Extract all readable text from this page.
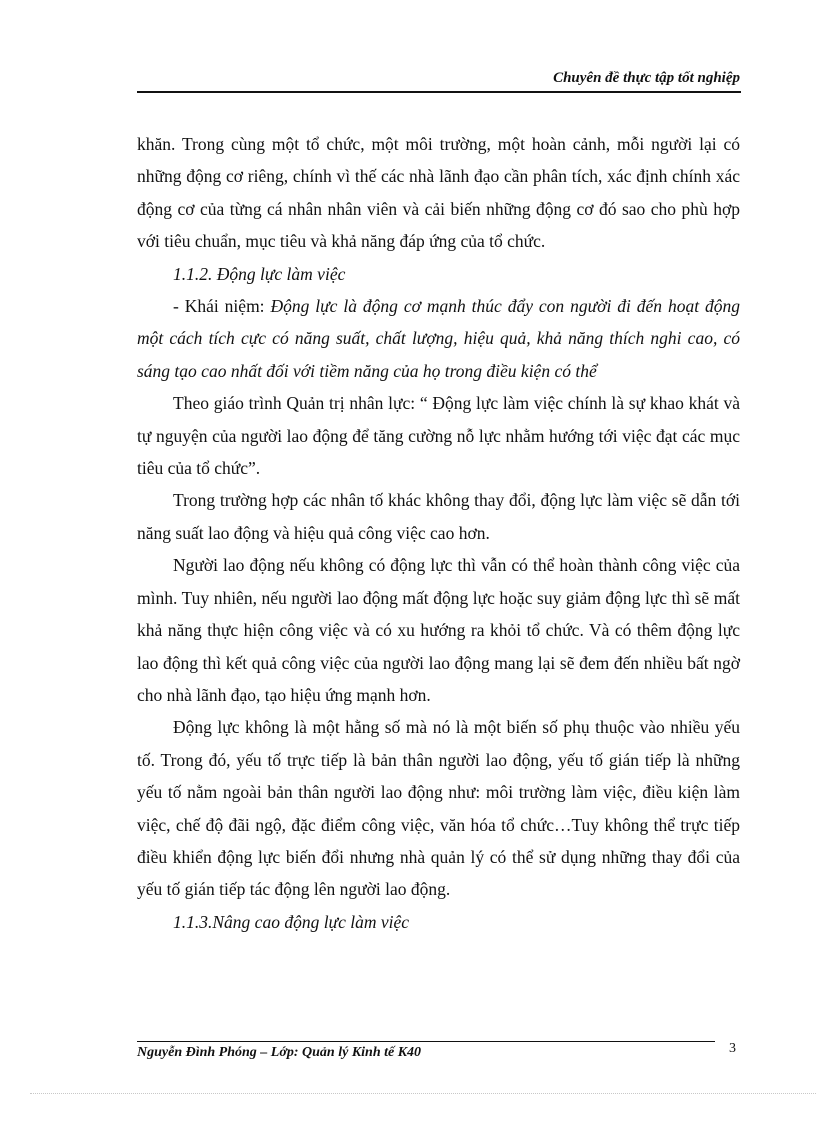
Chuyên đề thực tập tốt nghiệp

khăn. Trong cùng một tổ chức, một môi trường, một hoàn cảnh, mỗi người lại có những động cơ riêng, chính vì thế các nhà lãnh đạo cần phân tích, xác định chính xác động cơ của từng cá nhân nhân viên và cải biến những động cơ đó sao cho phù hợp với tiêu chuẩn, mục tiêu và khả năng đáp ứng của tổ chức.

1.1.2. Động lực làm việc

- Khái niệm: Động lực là động cơ mạnh thúc đẩy con người đi đến hoạt động một cách tích cực có năng suất, chất lượng, hiệu quả, khả năng thích nghi cao, có sáng tạo cao nhất đối với tiềm năng của họ trong điều kiện có thể

Theo giáo trình Quản trị nhân lực: “ Động lực làm việc chính là sự khao khát và tự nguyện của người lao động để tăng cường nỗ lực nhằm hướng tới việc đạt các mục tiêu của tổ chức”.

Trong trường hợp các nhân tố khác không thay đổi, động lực làm việc sẽ dẫn tới năng suất lao động và hiệu quả công việc cao hơn.

Người lao động nếu không có động lực thì vẫn có thể hoàn thành công việc của mình. Tuy nhiên, nếu người lao động mất động lực hoặc suy giảm động lực thì sẽ mất khả năng thực hiện công việc và có xu hướng ra khỏi tổ chức. Và có thêm động lực lao động thì kết quả công việc của người lao động mang lại sẽ đem đến nhiều bất ngờ cho nhà lãnh đạo, tạo hiệu ứng mạnh hơn.

Động lực không là một hằng số mà nó là một biến số phụ thuộc vào nhiều yếu tố. Trong đó, yếu tố trực tiếp là bản thân người lao động, yếu tố gián tiếp là những yếu tố nằm ngoài bản thân người lao động như: môi trường làm việc, điều kiện làm việc, chế độ đãi ngộ, đặc điểm công việc, văn hóa tổ chức…Tuy không thể trực tiếp điều khiển động lực biến đổi nhưng nhà quản lý có thể sử dụng những thay đổi của yếu tố gián tiếp tác động lên người lao động.

1.1.3.Nâng cao động lực làm việc

Nguyễn Đình Phóng – Lớp: Quản lý Kinh tế K40	3
